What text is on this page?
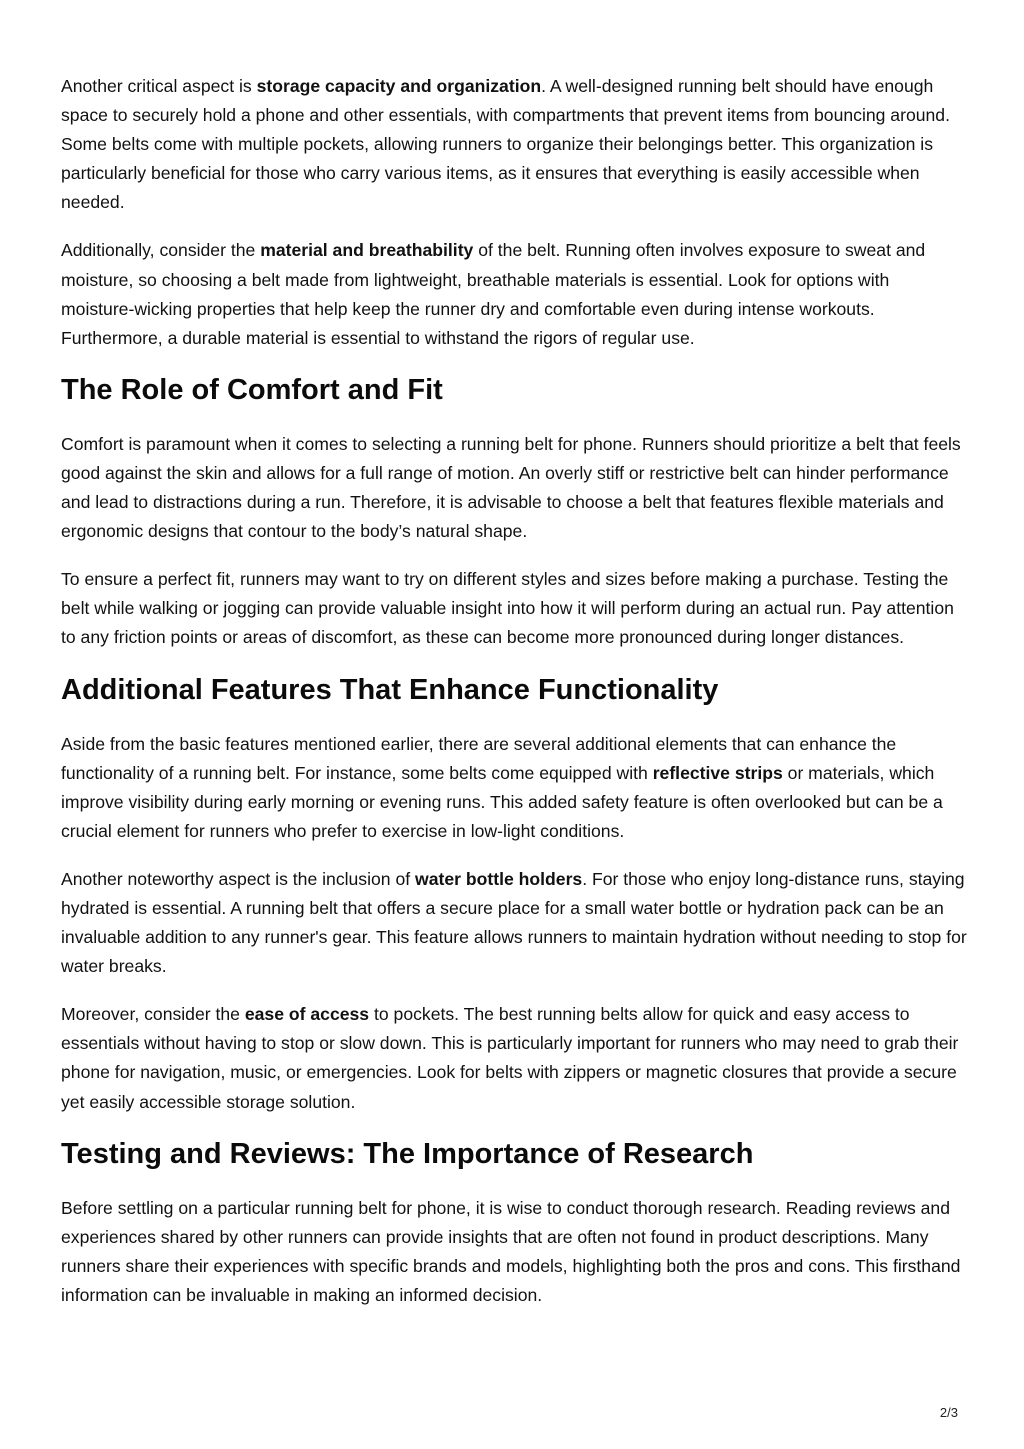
Another critical aspect is storage capacity and organization. A well-designed running belt should have enough space to securely hold a phone and other essentials, with compartments that prevent items from bouncing around. Some belts come with multiple pockets, allowing runners to organize their belongings better. This organization is particularly beneficial for those who carry various items, as it ensures that everything is easily accessible when needed.

Additionally, consider the material and breathability of the belt. Running often involves exposure to sweat and moisture, so choosing a belt made from lightweight, breathable materials is essential. Look for options with moisture-wicking properties that help keep the runner dry and comfortable even during intense workouts. Furthermore, a durable material is essential to withstand the rigors of regular use.

The Role of Comfort and Fit

Comfort is paramount when it comes to selecting a running belt for phone. Runners should prioritize a belt that feels good against the skin and allows for a full range of motion. An overly stiff or restrictive belt can hinder performance and lead to distractions during a run. Therefore, it is advisable to choose a belt that features flexible materials and ergonomic designs that contour to the body’s natural shape.

To ensure a perfect fit, runners may want to try on different styles and sizes before making a purchase. Testing the belt while walking or jogging can provide valuable insight into how it will perform during an actual run. Pay attention to any friction points or areas of discomfort, as these can become more pronounced during longer distances.

Additional Features That Enhance Functionality

Aside from the basic features mentioned earlier, there are several additional elements that can enhance the functionality of a running belt. For instance, some belts come equipped with reflective strips or materials, which improve visibility during early morning or evening runs. This added safety feature is often overlooked but can be a crucial element for runners who prefer to exercise in low-light conditions.

Another noteworthy aspect is the inclusion of water bottle holders. For those who enjoy long-distance runs, staying hydrated is essential. A running belt that offers a secure place for a small water bottle or hydration pack can be an invaluable addition to any runner's gear. This feature allows runners to maintain hydration without needing to stop for water breaks.

Moreover, consider the ease of access to pockets. The best running belts allow for quick and easy access to essentials without having to stop or slow down. This is particularly important for runners who may need to grab their phone for navigation, music, or emergencies. Look for belts with zippers or magnetic closures that provide a secure yet easily accessible storage solution.

Testing and Reviews: The Importance of Research

Before settling on a particular running belt for phone, it is wise to conduct thorough research. Reading reviews and experiences shared by other runners can provide insights that are often not found in product descriptions. Many runners share their experiences with specific brands and models, highlighting both the pros and cons. This firsthand information can be invaluable in making an informed decision.

2/3
